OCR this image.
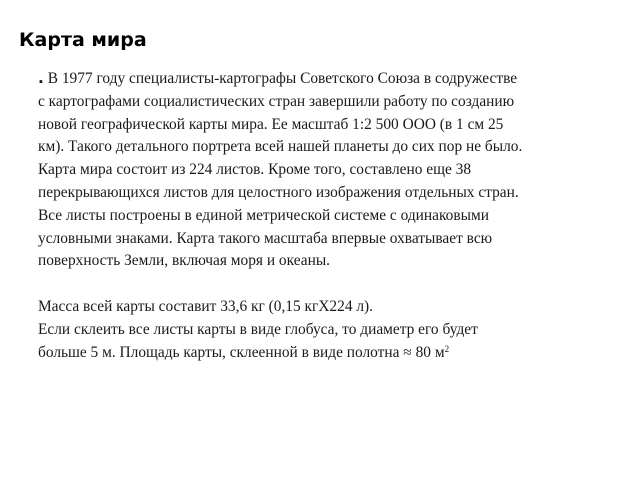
Карта мира
. В 1977 году специалисты-картографы Советского Союза в содружестве
с картографами социалистических стран завершили работу по созданию
новой географической карты мира. Ее масштаб 1:2 500 ООО (в 1 см 25
км). Такого детального портрета всей нашей планеты до сих пор не было.
Карта мира состоит из 224 листов. Кроме того, составлено еще 38
перекрывающихся листов для целостного изображения отдельных стран.
Все листы построены в единой метрической системе с одинаковыми
условными знаками. Карта такого масштаба впервые охватывает всю
поверхность Земли, включая моря и океаны.
Масса всей карты составит 33,6 кг (0,15 кгХ224 л).
Если склеить все листы карты в виде глобуса, то диаметр его будет
больше 5 м. Площадь карты, склеенной в виде полотна ≈ 80 $м^2$
